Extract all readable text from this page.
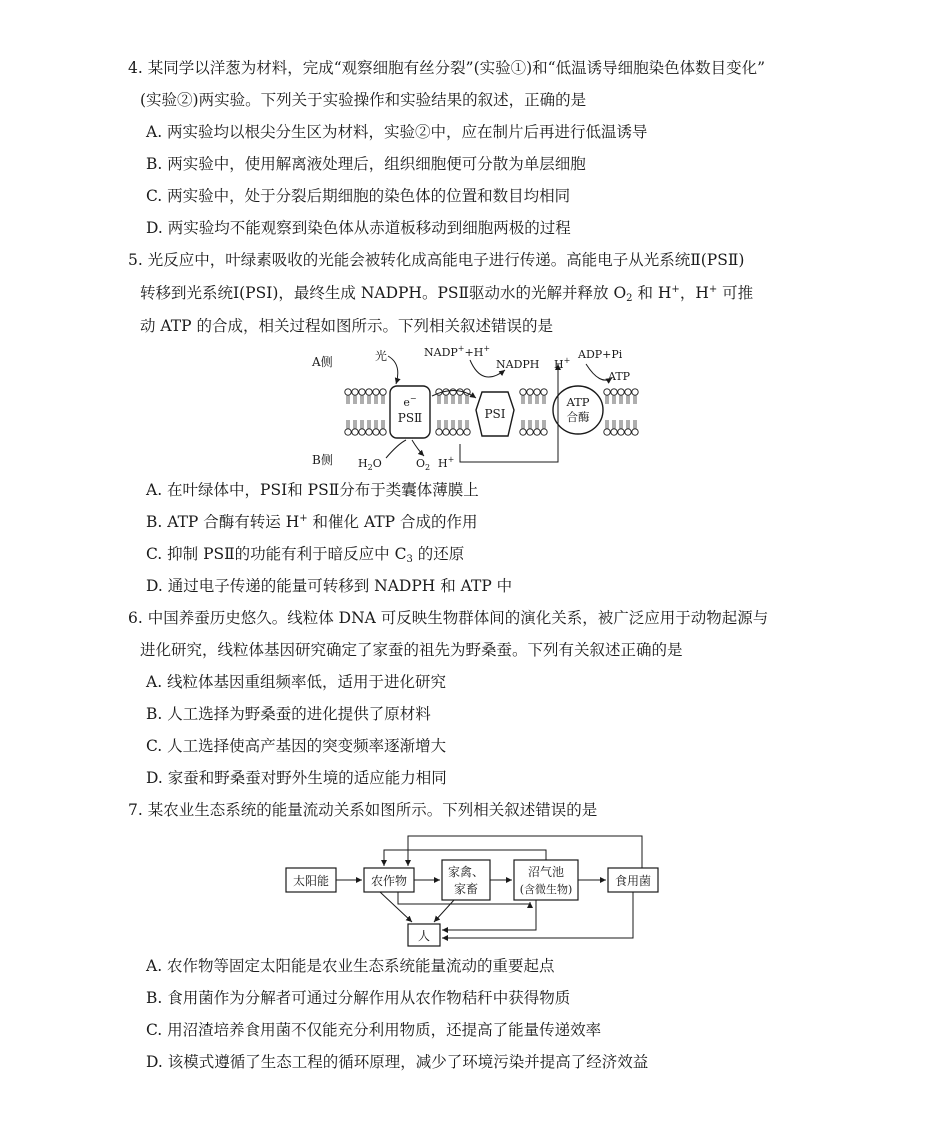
4. 某同学以洋葱为材料，完成“观察细胞有丝分裂”(实验①)和“低温诱导细胞染色体数目变化”
(实验②)两实验。下列关于实验操作和实验结果的叙述，正确的是
A. 两实验均以根尖分生区为材料，实验②中，应在制片后再进行低温诱导
B. 两实验中，使用解离液处理后，组织细胞便可分散为单层细胞
C. 两实验中，处于分裂后期细胞的染色体的位置和数目均相同
D. 两实验均不能观察到染色体从赤道板移动到细胞两极的过程
5. 光反应中，叶绿素吸收的光能会被转化成高能电子进行传递。高能电子从光系统Ⅱ(PSⅡ)
转移到光系统Ⅰ(PSⅠ)，最终生成 NADPH。PSⅡ驱动水的光解并释放 $O_2$ 和 H+，H+ 可推
动 ATP 的合成，相关过程如图所示。下列相关叙述错误的是
e−
PSⅡ	PSⅠ
ATP
合酶
A侧
B侧
光	NADP++H+
NADPH H+ ADP+Pi
ATP
$H_2O$	$O_2$ H+
A. 在叶绿体中，PSⅠ和 PSⅡ分布于类囊体薄膜上
B. ATP 合酶有转运 H+ 和催化 ATP 合成的作用
C. 抑制 PSⅡ的功能有利于暗反应中 $C_3$ 的还原
D. 通过电子传递的能量可转移到 NADPH 和 ATP 中
6. 中国养蚕历史悠久。线粒体 DNA 可反映生物群体间的演化关系，被广泛应用于动物起源与
进化研究，线粒体基因研究确定了家蚕的祖先为野桑蚕。下列有关叙述正确的是
A. 线粒体基因重组频率低，适用于进化研究
B. 人工选择为野桑蚕的进化提供了原材料
C. 人工选择使高产基因的突变频率逐渐增大
D. 家蚕和野桑蚕对野外生境的适应能力相同
7. 某农业生态系统的能量流动关系如图所示。下列相关叙述错误的是
太阳能	农作物
家禽、
家畜
沼气池
(含微生物)
食用菌
人
A. 农作物等固定太阳能是农业生态系统能量流动的重要起点
B. 食用菌作为分解者可通过分解作用从农作物秸秆中获得物质
C. 用沼渣培养食用菌不仅能充分利用物质，还提高了能量传递效率
D. 该模式遵循了生态工程的循环原理，减少了环境污染并提高了经济效益
